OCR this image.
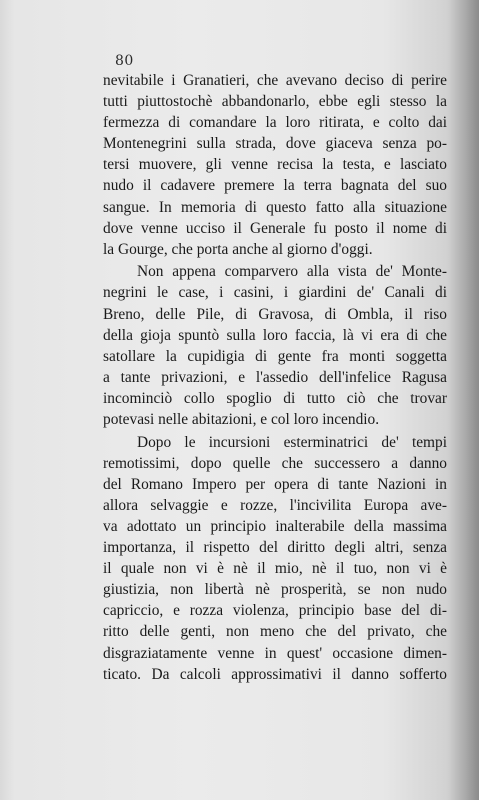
80
nevitabile i Granatieri, che avevano deciso di perire
tutti piuttostochè abbandonarlo, ebbe egli stesso la
fermezza di comandare la loro ritirata, e colto dai
Montenegrini sulla strada, dove giaceva senza po-
tersi muovere, gli venne recisa la testa, e lasciato
nudo il cadavere premere la terra bagnata del suo
sangue. In memoria di questo fatto alla situazione
dove venne ucciso il Generale fu posto il nome di
la Gourge, che porta anche al giorno d'oggi.
Non appena comparvero alla vista de' Monte-
negrini le case, i casini, i giardini de' Canali di
Breno, delle Pile, di Gravosa, di Ombla, il riso
della gioja spuntò sulla loro faccia, là vi era di che
satollare la cupidigia di gente fra monti soggetta
a tante privazioni, e l'assedio dell'infelice Ragusa
incominciò collo spoglio di tutto ciò che trovar
potevasi nelle abitazioni, e col loro incendio.
Dopo le incursioni esterminatrici de' tempi
remotissimi, dopo quelle che successero a danno
del Romano Impero per opera di tante Nazioni in
allora selvaggie e rozze, l'incivilita Europa ave-
va adottato un principio inalterabile della massima
importanza, il rispetto del diritto degli altri, senza
il quale non vi è nè il mio, nè il tuo, non vi è
giustizia, non libertà nè prosperità, se non nudo
capriccio, e rozza violenza, principio base del di-
ritto delle genti, non meno che del privato, che
disgraziatamente venne in quest' occasione dimen-
ticato. Da calcoli approssimativi il danno sofferto
